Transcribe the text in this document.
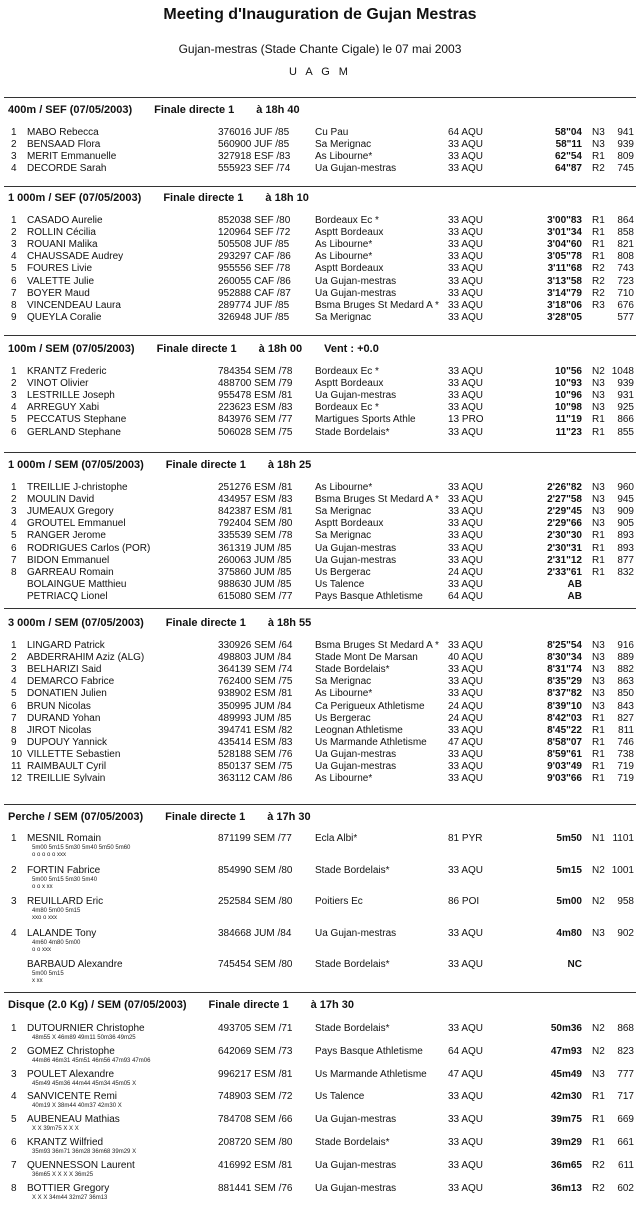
Meeting d'Inauguration de Gujan Mestras
Gujan-mestras (Stade Chante Cigale) le 07 mai 2003
U A G M
400m / SEF (07/05/2003) Finale directe 1 à 18h 40
1 MABO Rebecca	376016 JUF /85	Cu Pau	64 AQU	58"04 N3	941
2 BENSAAD Flora	560900 JUF /85	Sa Merignac	33 AQU	58"11 N3	939
3 MERIT Emmanuelle	327918 ESF /83 As Libourne*	33 AQU	62"54 R1	809
4 DECORDE Sarah	555923 SEF /74 Ua Gujan-mestras	33 AQU	64"87 R2	745
1 000m / SEF (07/05/2003) Finale directe 1 à 18h 10
1 CASADO Aurelie	852038 SEF /80 Bordeaux Ec *	33 AQU	3'00"83 R1	864
2 ROLLIN Cécilia	120964 SEF /72 Asptt Bordeaux	33 AQU	3'01"34 R1	858
3 ROUANI Malika	505508 JUF /85	As Libourne*	33 AQU	3'04"60 R1	821
4 CHAUSSADE Audrey	293297 CAF /86 As Libourne*	33 AQU	3'05"78 R1	808
5 FOURES Livie	955556 SEF /78 Asptt Bordeaux	33 AQU	3'11"68 R2	743
6 VALETTE Julie	260055 CAF /86 Ua Gujan-mestras	33 AQU	3'13"58 R2	723
7 BOYER Maud	952888 CAF /87 Ua Gujan-mestras	33 AQU	3'14"79 R2	710
8 VINCENDEAU Laura	289774 JUF /85	Bsma Bruges St Medard A * 33 AQU	3'18"06 R3	676
9 QUEYLA Coralie	326948 JUF /85	Sa Merignac	33 AQU	3'28"05	577
100m / SEM (07/05/2003) Finale directe 1 à 18h 00 Vent : +0.0
1 KRANTZ Frederic	784354 SEM /78 Bordeaux Ec *	33 AQU	10"56 N2 1048
2 VINOT Olivier	488700 SEM /79 Asptt Bordeaux	33 AQU	10"93 N3	939
3 LESTRILLE Joseph	955478 ESM /81 Ua Gujan-mestras	33 AQU	10"96 N3	931
4 ARREGUY Xabi	223623 ESM /83 Bordeaux Ec *	33 AQU	10"98 N3	925
5 PECCATUS Stephane	843976 SEM /77 Martigues Sports Athle	13 PRO	11"19 R1	866
6 GERLAND Stephane	506028 SEM /75 Stade Bordelais*	33 AQU	11"23 R1	855
1 000m / SEM (07/05/2003) Finale directe 1 à 18h 25
1 TREILLIE J-christophe	251276 ESM /81 As Libourne*	33 AQU	2'26"82 N3	960
2 MOULIN David	434957 ESM /83 Bsma Bruges St Medard A * 33 AQU	2'27"58 N3	945
3 JUMEAUX Gregory	842387 ESM /81 Sa Merignac	33 AQU	2'29"45 N3	909
4 GROUTEL Emmanuel	792404 SEM /80 Asptt Bordeaux	33 AQU	2'29"66 N3	905
5 RANGER Jerome	335539 SEM /78 Sa Merignac	33 AQU	2'30"30 R1	893
6 RODRIGUES Carlos (POR)	361319 JUM /85 Ua Gujan-mestras	33 AQU	2'30"31 R1	893
7 BIDON Emmanuel	260063 JUM /85 Ua Gujan-mestras	33 AQU	2'31"12 R1	877
8 GARREAU Romain	375860 JUM /85 Us Bergerac	24 AQU	2'33"61 R1	832
BOLAINGUE Matthieu	988630 JUM /85 Us Talence	33 AQU	AB
PETRIACQ Lionel	615080 SEM /77 Pays Basque Athletisme	64 AQU	AB
3 000m / SEM (07/05/2003) Finale directe 1 à 18h 55
1 LINGARD Patrick	330926 SEM /64 Bsma Bruges St Medard A * 33 AQU	8'25"54 N3	916
2 ABDERRAHIM Aziz (ALG)	498803 JUM /84 Stade Mont De Marsan	40 AQU	8'30"34 N3	889
3 BELHARIZI Said	364139 SEM /74 Stade Bordelais*	33 AQU	8'31"74 N3	882
4 DEMARCO Fabrice	762400 SEM /75 Sa Merignac	33 AQU	8'35"29 N3	863
5 DONATIEN Julien	938902 ESM /81 As Libourne*	33 AQU	8'37"82 N3	850
6 BRUN Nicolas	350995 JUM /84 Ca Perigueux Athletisme 24 AQU	8'39"10 N3	843
7 DURAND Yohan	489993 JUM /85 Us Bergerac	24 AQU	8'42"03 R1	827
8 JIROT Nicolas	394741 ESM /82 Leognan Athletisme	33 AQU	8'45"22 R1	811
9 DUPOUY Yannick	435414 ESM /83 Us Marmande Athletisme 47 AQU	8'58"07 R1	746
10 VILLETTE Sebastien	528188 SEM /76 Ua Gujan-mestras	33 AQU	8'59"61 R1	738
11 RAIMBAULT Cyril	850137 SEM /75 Ua Gujan-mestras	33 AQU	9'03"49 R1	719
12 TREILLIE Sylvain	363112 CAM /86 As Libourne*	33 AQU	9'03"66 R1	719
Perche / SEM (07/05/2003) Finale directe 1 à 17h 30
1 MESNIL Romain	871199 SEM /77 Ecla Albi*	81 PYR	5m50 N1 1101
5m00 5m15 5m30 5m40 5m50 5m60
o o o o o xxx
2 FORTIN Fabrice	854990 SEM /80 Stade Bordelais*	33 AQU	5m15 N2 1001
5m00 5m15 5m30 5m40
o o x xx
3 REUILLARD Eric	252584 SEM /80 Poitiers Ec	86 POI	5m00 N2	958
4m80 5m00 5m15
xxo o xxx
4 LALANDE Tony	384668 JUM /84 Ua Gujan-mestras	33 AQU	4m80 N3	902
4m60 4m80 5m00
o o xxx
BARBAUD Alexandre	745454 SEM /80 Stade Bordelais*	33 AQU	NC
5m00 5m15
x xx
Disque (2.0 Kg) / SEM (07/05/2003) Finale directe 1 à 17h 30
1 DUTOURNIER Christophe	493705 SEM /71 Stade Bordelais*	33 AQU	50m36 N2	868
48m55 X 46m89 49m11 50m36 49m25
2 GOMEZ Christophe	642069 SEM /73 Pays Basque Athletisme	64 AQU	47m93 N2	823
44m86 46m31 45m51 46m56 47m93 47m06
3 POULET Alexandre	996217 ESM /81 Us Marmande Athletisme 47 AQU	45m49 N3	777
45m49 45m36 44m44 45m34 45m05 X
4 SANVICENTE Remi	748903 SEM /72 Us Talence	33 AQU	42m30 R1	717
40m19 X 38m44 40m37 42m30 X
5 AUBENEAU Mathias	784708 SEM /66 Ua Gujan-mestras	33 AQU	39m75 R1	669
X X 39m75 X X X
6 KRANTZ Wilfried	208720 SEM /80 Stade Bordelais*	33 AQU	39m29 R1	661
35m93 36m71 36m28 36m68 39m29 X
7 QUENNESSON Laurent	416992 ESM /81 Ua Gujan-mestras	33 AQU	36m65 R2	611
36m65 X X X X 36m25
8 BOTTIER Gregory	881441 SEM /76 Ua Gujan-mestras	33 AQU	36m13 R2	602
X X X 34m44 32m27 36m13
